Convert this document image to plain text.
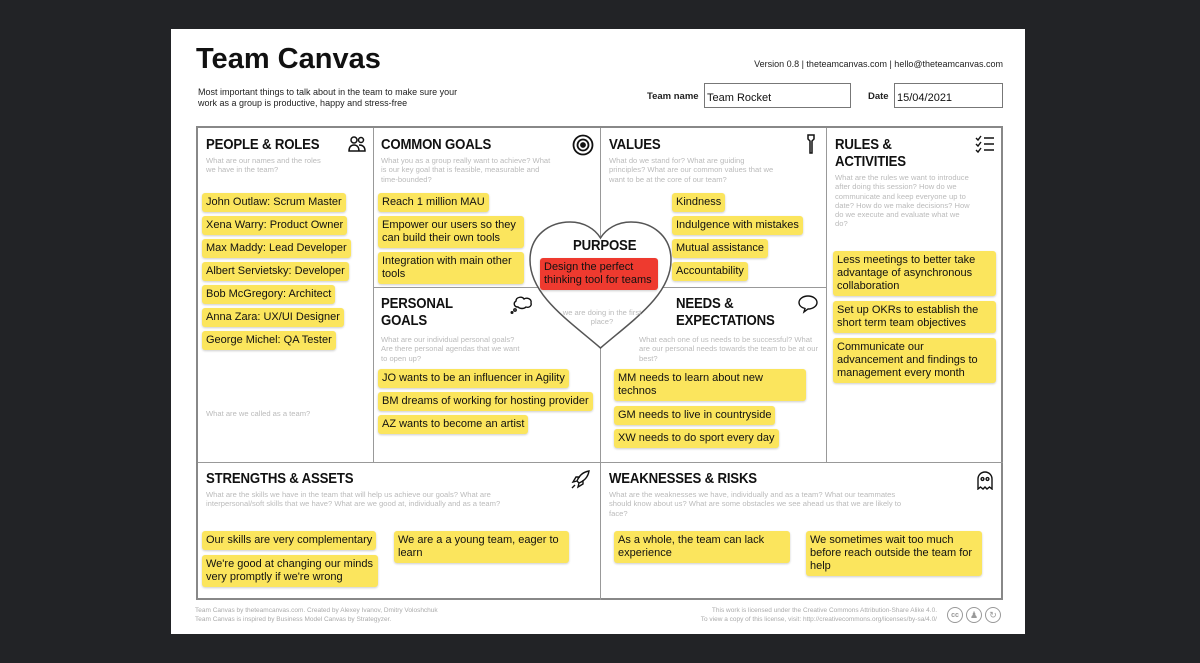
Team Canvas
Most important things to talk about in the team to make sure your work as a group is productive, happy and stress-free
Version 0.8 | theteamcanvas.com | hello@theteamcanvas.com
Team name Team Rocket	Date 15/04/2021
PEOPLE & ROLES
What are our names and the roles we have in the team?
John Outlaw: Scrum Master
Xena Warry: Product Owner
Max Maddy: Lead Developer
Albert Servietsky: Developer
Bob McGregory: Architect
Anna Zara: UX/UI Designer
George Michel: QA Tester
What are we called as a team?
COMMON GOALS
What you as a group really want to achieve? What is our key goal that is feasible, measurable and time-bounded?
Reach 1 million MAU
Empower our users so they can build their own tools
Integration with main other tools
VALUES
What do we stand for? What are guiding principles? What are our common values that we want to be at the core of our team?
Kindness
Indulgence with mistakes
Mutual assistance
Accountability
RULES & ACTIVITIES
What are the rules we want to introduce after doing this session? How do we communicate and keep everyone up to date? How do we make decisions? How do we execute and evaluate what we do?
Less meetings to better take advantage of asynchronous collaboration
Set up OKRs to establish the short term team objectives
Communicate our advancement and findings to management every month
PERSONAL GOALS
What are our individual personal goals? Are there personal agendas that we want to open up?
JO wants to be an influencer in Agility
BM dreams of working for hosting provider
AZ wants to become an artist
NEEDS & EXPECTATIONS
What each one of us needs to be successful? What are our personal needs towards the team to be at our best?
MM needs to learn about new technos
GM needs to live in countryside
XW needs to do sport every day
PURPOSE
we are doing in the first place?
Design the perfect thinking tool for teams
STRENGTHS & ASSETS
What are the skills we have in the team that will help us achieve our goals? What are interpersonal/soft skills that we have? What are we good at, individually and as a team?
Our skills are very complementary
We're good at changing our minds very promptly if we're wrong
We are a a young team, eager to learn
WEAKNESSES & RISKS
What are the weaknesses we have, individually and as a team? What our teammates should know about us? What are some obstacles we see ahead us that we are likely to face?
As a whole, the team can lack experience
We sometimes wait too much before reach outside the team for help
Team Canvas by theteamcanvas.com. Created by Alexey Ivanov, Dmitry Voloshchuk
Team Canvas is inspired by Business Model Canvas by Strategyzer.
This work is licensed under the Creative Commons Attribution-Share Alike 4.0.
To view a copy of this license, visit: http://creativecommons.org/licenses/by-sa/4.0/
cc	♟	↻
